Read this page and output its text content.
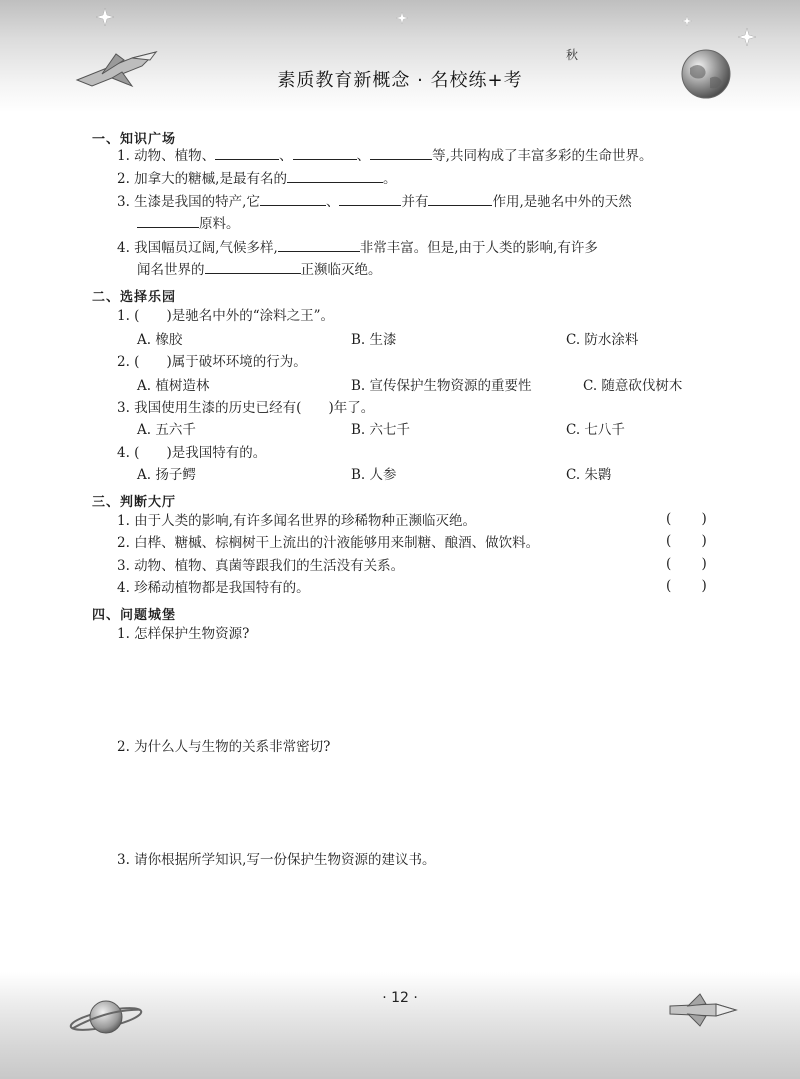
秋
素质教育新概念 · 名校练+考
一、知识广场
1. 动物、植物、	、	、	等,共同构成了丰富多彩的生命世界。
2. 加拿大的糖槭,是最有名的	。
3. 生漆是我国的特产,它	、	并有	作用,是驰名中外的天然
原料。
4. 我国幅员辽阔,气候多样,	非常丰富。但是,由于人类的影响,有许多
闻名世界的	正濒临灭绝。
二、选择乐园
1. (　　)是驰名中外的“涂料之王”。
A. 橡胶	B. 生漆	C. 防水涂料
2. (　　)属于破坏环境的行为。
A. 植树造林	B. 宣传保护生物资源的重要性	C. 随意砍伐树木
3. 我国使用生漆的历史已经有(　　)年了。
A. 五六千	B. 六七千	C. 七八千
4. (　　)是我国特有的。
A. 扬子鳄	B. 人参	C. 朱鹮
三、判断大厅
1. 由于人类的影响,有许多闻名世界的珍稀物种正濒临灭绝。	( )
2. 白桦、糖槭、棕榈树干上流出的汁液能够用来制糖、酿酒、做饮料。	( )
3. 动物、植物、真菌等跟我们的生活没有关系。	( )
4. 珍稀动植物都是我国特有的。	( )
四、问题城堡
1. 怎样保护生物资源?
2. 为什么人与生物的关系非常密切?
3. 请你根据所学知识,写一份保护生物资源的建议书。
· 12 ·
